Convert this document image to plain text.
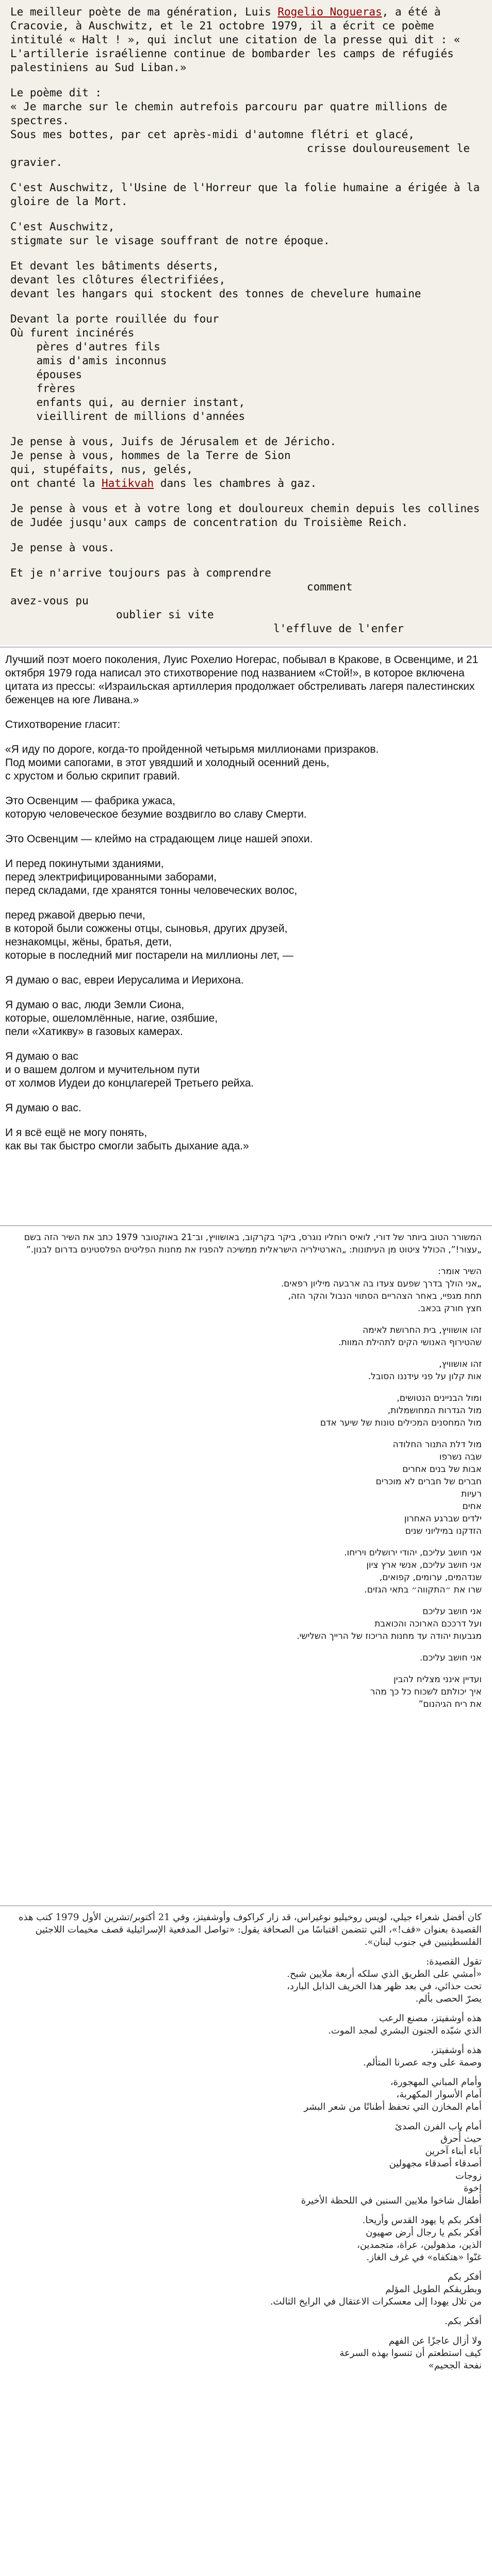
Le meilleur poète de ma génération, Luis Rogelio Nogueras, a été à Cracovie, à Auschwitz, et le 21 octobre 1979, il a écrit ce poème intitulé « Halt ! », qui inclut une citation de la presse qui dit : « L'artillerie israélienne continue de bombarder les camps de réfugiés palestiniens au Sud Liban.»

Le poème dit :
« Je marche sur le chemin autrefois parcouru par quatre millions de spectres.
Sous mes bottes, par cet après-midi d'automne flétri et glacé,
crisse douloureusement le gravier.

C'est Auschwitz, l'Usine de l'Horreur que la folie humaine a érigée à la gloire de la Mort.

C'est Auschwitz,
stigmate sur le visage souffrant de notre époque.

Et devant les bâtiments déserts,
devant les clôtures électrifiées,
devant les hangars qui stockent des tonnes de chevelure humaine

Devant la porte rouillée du four
Où furent incinérés
pères d'autres fils
amis d'amis inconnus
épouses
frères
enfants qui, au dernier instant,
vieillirent de millions d'années

Je pense à vous, Juifs de Jérusalem et de Jéricho.
Je pense à vous, hommes de la Terre de Sion
qui, stupéfaits, nus, gelés,
ont chanté la Hatikvah dans les chambres à gaz.

Je pense à vous et à votre long et douloureux chemin depuis les collines de Judée jusqu'aux camps de concentration du Troisième Reich.

Je pense à vous.

Et je n'arrive toujours pas à comprendre
comment
avez-vous pu
oublier si vite
l'effluve de l'enfer

Лучший поэт моего поколения, Луис Рохелио Ногерас, побывал в Кракове, в Освенциме, и 21 октября 1979 года написал это стихотворение под названием «Стой!», в которое включена цитата из прессы: «Израильская артиллерия продолжает обстреливать лагеря палестинских беженцев на юге Ливана.»

Стихотворение гласит:

«Я иду по дороге, когда-то пройденной четырьмя миллионами призраков.
Под моими сапогами, в этот увядший и холодный осенний день,
с хрустом и болью скрипит гравий.

Это Освенцим — фабрика ужаса,
которую человеческое безумие воздвигло во славу Смерти.

Это Освенцим — клеймо на страдающем лице нашей эпохи.

И перед покинутыми зданиями,
перед электрифицированными заборами,
перед складами, где хранятся тонны человеческих волос,

перед ржавой дверью печи,
в которой были сожжены отцы, сыновья, других друзей,
незнакомцы, жёны, братья, дети,
которые в последний миг постарели на миллионы лет, —

Я думаю о вас, евреи Иерусалима и Иерихона.

Я думаю о вас, люди Земли Сиона,
которые, ошеломлённые, нагие, озябшие,
пели «Хатикву» в газовых камерах.

Я думаю о вас
и о вашем долгом и мучительном пути
от холмов Иудеи до концлагерей Третьего рейха.

Я думаю о вас.

И я всё ещё не могу понять,
как вы так быстро смогли забыть дыхание ада.»

המשורר הטוב ביותר של דורי, לואיס רוחליו נוגרס, ביקר בקרקוב, באושוויץ, וב־21 באוקטובר 1979 כתב את השיר הזה בשם „עצור!”, הכולל ציטוט מן העיתונות: „הארטילריה הישראלית ממשיכה להפגיז את מחנות הפליטים הפלסטינים בדרום לבנון.”

השיר אומר:
„אני הולך בדרך שפעם צעדו בה ארבעה מיליון רפאים.
תחת מגפיי, באחר הצהריים הסתווי הנבול והקר הזה,
חצץ חורק בכאב.

זהו אושוויץ, בית החרושת לאימה
שהטירוף האנושי הקים לתהילת המוות.

זהו אושוויץ,
אות קלון על פני עידננו הסובל.

ומול הבניינים הנטושים,
מול הגדרות המחושמלות,
מול המחסנים המכילים טונות של שיער אדם

מול דלת התנור החלודה
שבה נשרפו
אבות של בנים אחרים
חברים של חברים לא מוכרים
רעיות
אחים
ילדים שברגע האחרון
הזדקנו במיליוני שנים

אני חושב עליכם, יהודי ירושלים ויריחו.
אני חושב עליכם, אנשי ארץ ציון
שנדהמים, ערומים, קפואים,
שרו את ״התקווה״ בתאי הגזים.

אני חושב עליכם
ועל דרככם הארוכה והכואבת
מגבעות יהודה עד מחנות הריכוז של הרייך השלישי.

אני חושב עליכם.

ועדיין אינני מצליח להבין
איך יכולתם לשכוח כל כך מהר
את ריח הגיהנום”

كان أفضل شعراء جيلي، لويس روخيليو نوغيراس، قد زار كراكوف وأوشفيتز، وفي 21 أكتوبر/تشرين الأول 1979 كتب هذه القصيدة بعنوان «قف!»، التي تتضمن اقتباسًا من الصحافة يقول: «تواصل المدفعية الإسرائيلية قصف مخيمات اللاجئين الفلسطينيين في جنوب لبنان».

تقول القصيدة:
«أمشي على الطريق الذي سلكه أربعة ملايين شبح.
تحت حذائي، في بعد ظهر هذا الخريف الذابل البارد،
يصرّ الحصى بألم.

هذه أوشفيتز، مصنع الرعب
الذي شيّده الجنون البشري لمجد الموت.

هذه أوشفيتز،
وصمة على وجه عصرنا المتألم.

وأمام المباني المهجورة،
أمام الأسوار المكهربة،
أمام المخازن التي تحفظ أطنانًا من شعر البشر

أمام باب الفرن الصدئ
حيث أُحرق
آباء أبناء آخرين
أصدقاء أصدقاء مجهولين
زوجات
إخوة
أطفال شاخوا ملايين السنين في اللحظة الأخيرة

أفكر بكم يا يهود القدس وأريحا.
أفكر بكم يا رجال أرض صهيون
الذين، مذهولين، عراة، متجمدين،
غنّوا «هتكفاه» في غرف الغاز.

أفكر بكم
وبطريقكم الطويل المؤلم
من تلال يهودا إلى معسكرات الاعتقال في الرايخ الثالث.

أفكر بكم.

ولا أزال عاجزًا عن الفهم
كيف استطعتم أن تنسوا بهذه السرعة
نفحة الجحيم»
